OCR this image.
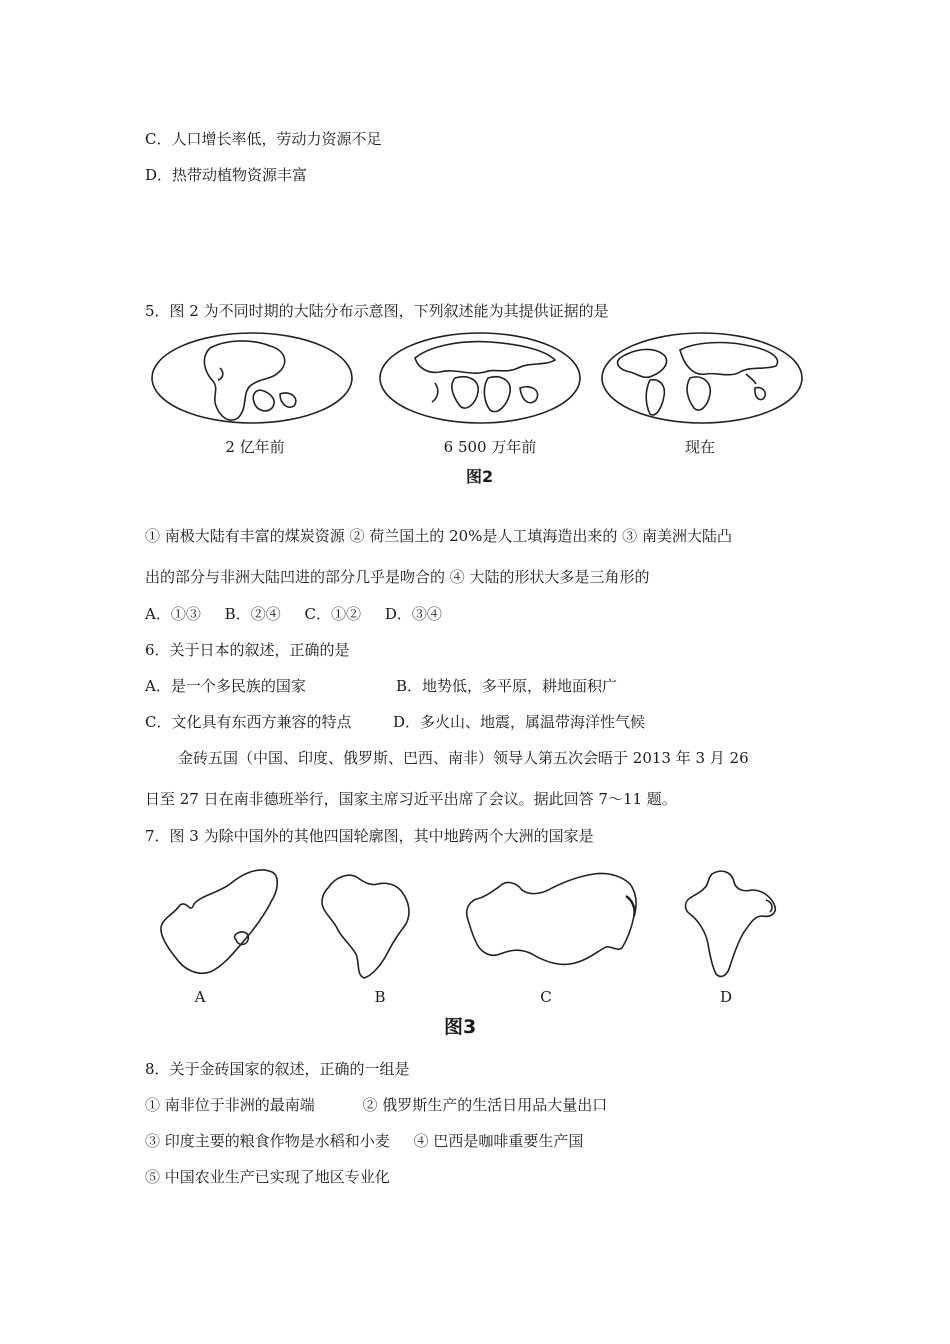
C．人口增长率低，劳动力资源不足
D．热带动植物资源丰富
5．图 2 为不同时期的大陆分布示意图，下列叙述能为其提供证据的是
2 亿年前	6 500 万年前	现在
图2
① 南极大陆有丰富的煤炭资源 ② 荷兰国土的 20%是人工填海造出来的 ③ 南美洲大陆凸
出的部分与非洲大陆凹进的部分几乎是吻合的 ④ 大陆的形状大多是三角形的
A．①③     B．②④     C．①②     D．③④
6．关于日本的叙述，正确的是
A．是一个多民族的国家	B．地势低，多平原，耕地面积广
C．文化具有东西方兼容的特点	D．多火山、地震，属温带海洋性气候
金砖五国（中国、印度、俄罗斯、巴西、南非）领导人第五次会晤于 2013 年 3 月 26
日至 27 日在南非德班举行，国家主席习近平出席了会议。据此回答 7～11 题。
7．图 3 为除中国外的其他四国轮廓图，其中地跨两个大洲的国家是
A	B	C	D
图3
8．关于金砖国家的叙述，正确的一组是
① 南非位于非洲的最南端          ② 俄罗斯生产的生活日用品大量出口
③ 印度主要的粮食作物是水稻和小麦     ④ 巴西是咖啡重要生产国
⑤ 中国农业生产已实现了地区专业化
